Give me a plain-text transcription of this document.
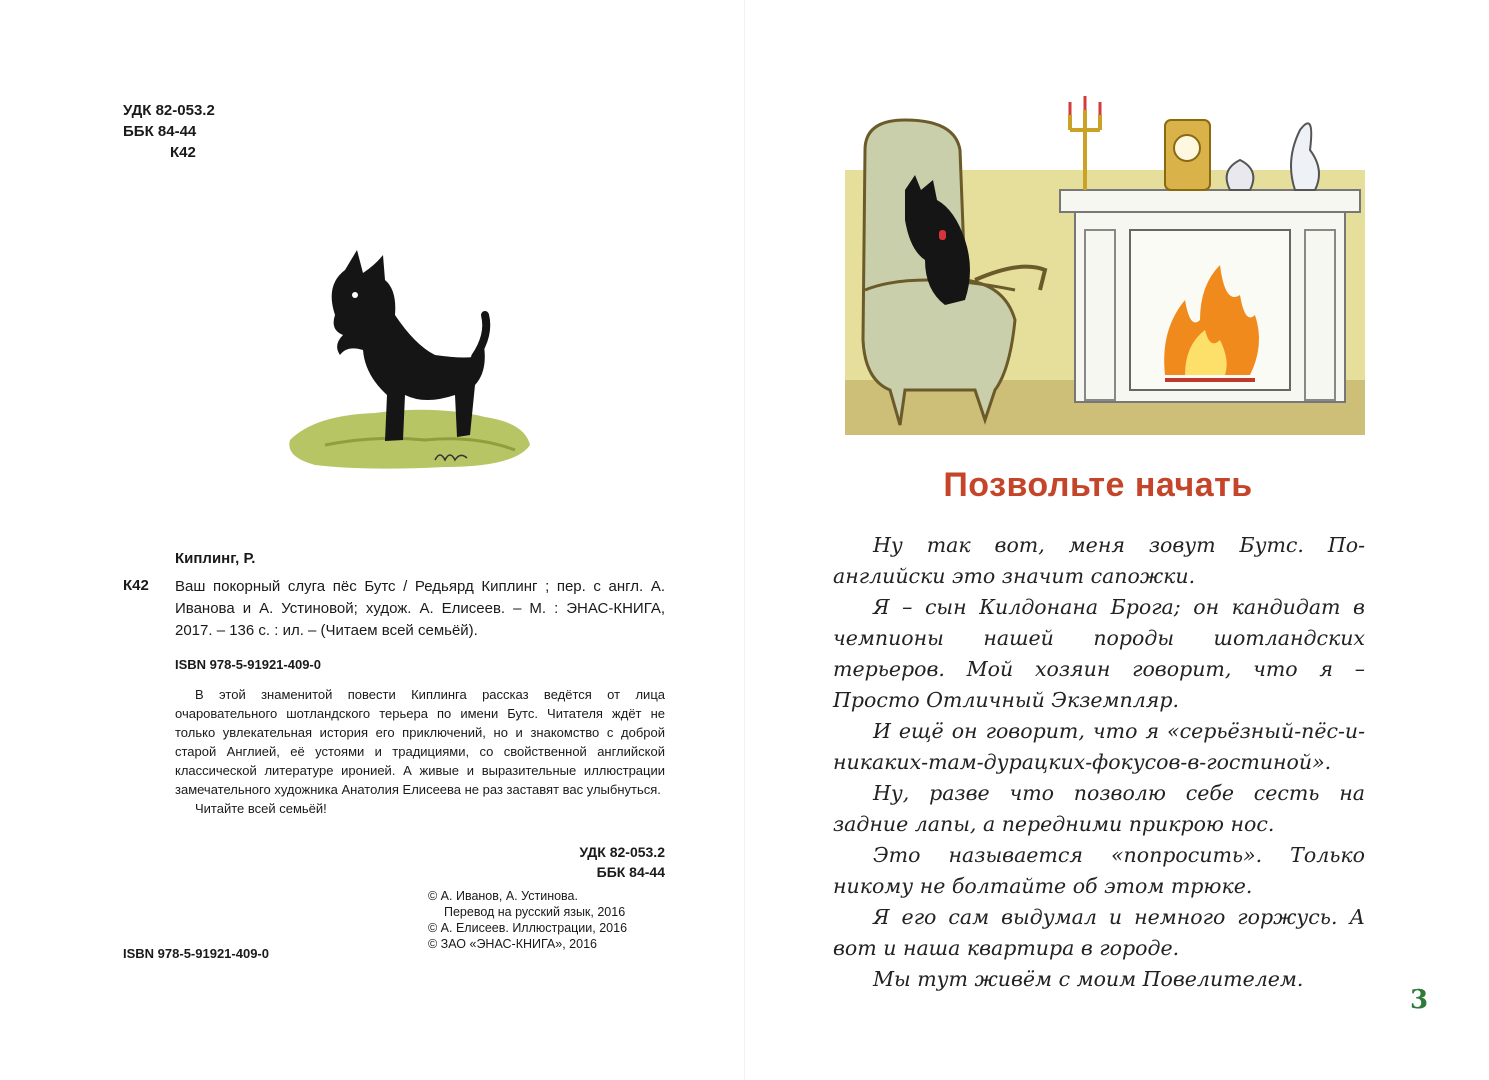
УДК 82-053.2
ББК 84-44
К42
Киплинг, Р.
К42 Ваш покорный слуга пёс Бутс / Редьярд Киплинг ; пер. с англ. А. Иванова и А. Устиновой; худож. А. Елисеев. – М. : ЭНАС-КНИГА, 2017. – 136 с. : ил. – (Читаем всей семьёй).
ISBN 978-5-91921-409-0

В этой знаменитой повести Киплинга рассказ ведётся от лица очаровательного шотландского терьера по имени Бутс. Читателя ждёт не только увлекательная история его приключений, но и знакомство с доброй старой Англией, её устоями и традициями, со свойственной английской классической литературе иронией. А живые и выразительные иллюстрации замечательного художника Анатолия Елисеева не раз заставят вас улыбнуться.

Читайте всей семьёй!

УДК 82-053.2
ББК 84-44
© А. Иванов, А. Устинова.
Перевод на русский язык, 2016
© А. Елисеев. Иллюстрации, 2016
© ЗАО «ЭНАС-КНИГА», 2016
ISBN 978-5-91921-409-0
Позвольте начать

Ну так вот, меня зовут Бутс. По-английски это значит сапожки.

Я – сын Килдонана Брога; он кандидат в чемпионы нашей породы шотландских терьеров. Мой хозяин говорит, что я – Просто Отличный Экземпляр.

И ещё он говорит, что я «серьёзный-пёс-и-никаких-там-дурацких-фокусов-в-гостиной».

Ну, разве что позволю себе сесть на задние лапы, а передними прикрою нос.

Это называется «попросить». Только никому не болтайте об этом трюке.

Я его сам выдумал и немного горжусь. А вот и наша квартира в городе.

Мы тут живём с моим Повелителем.

3
